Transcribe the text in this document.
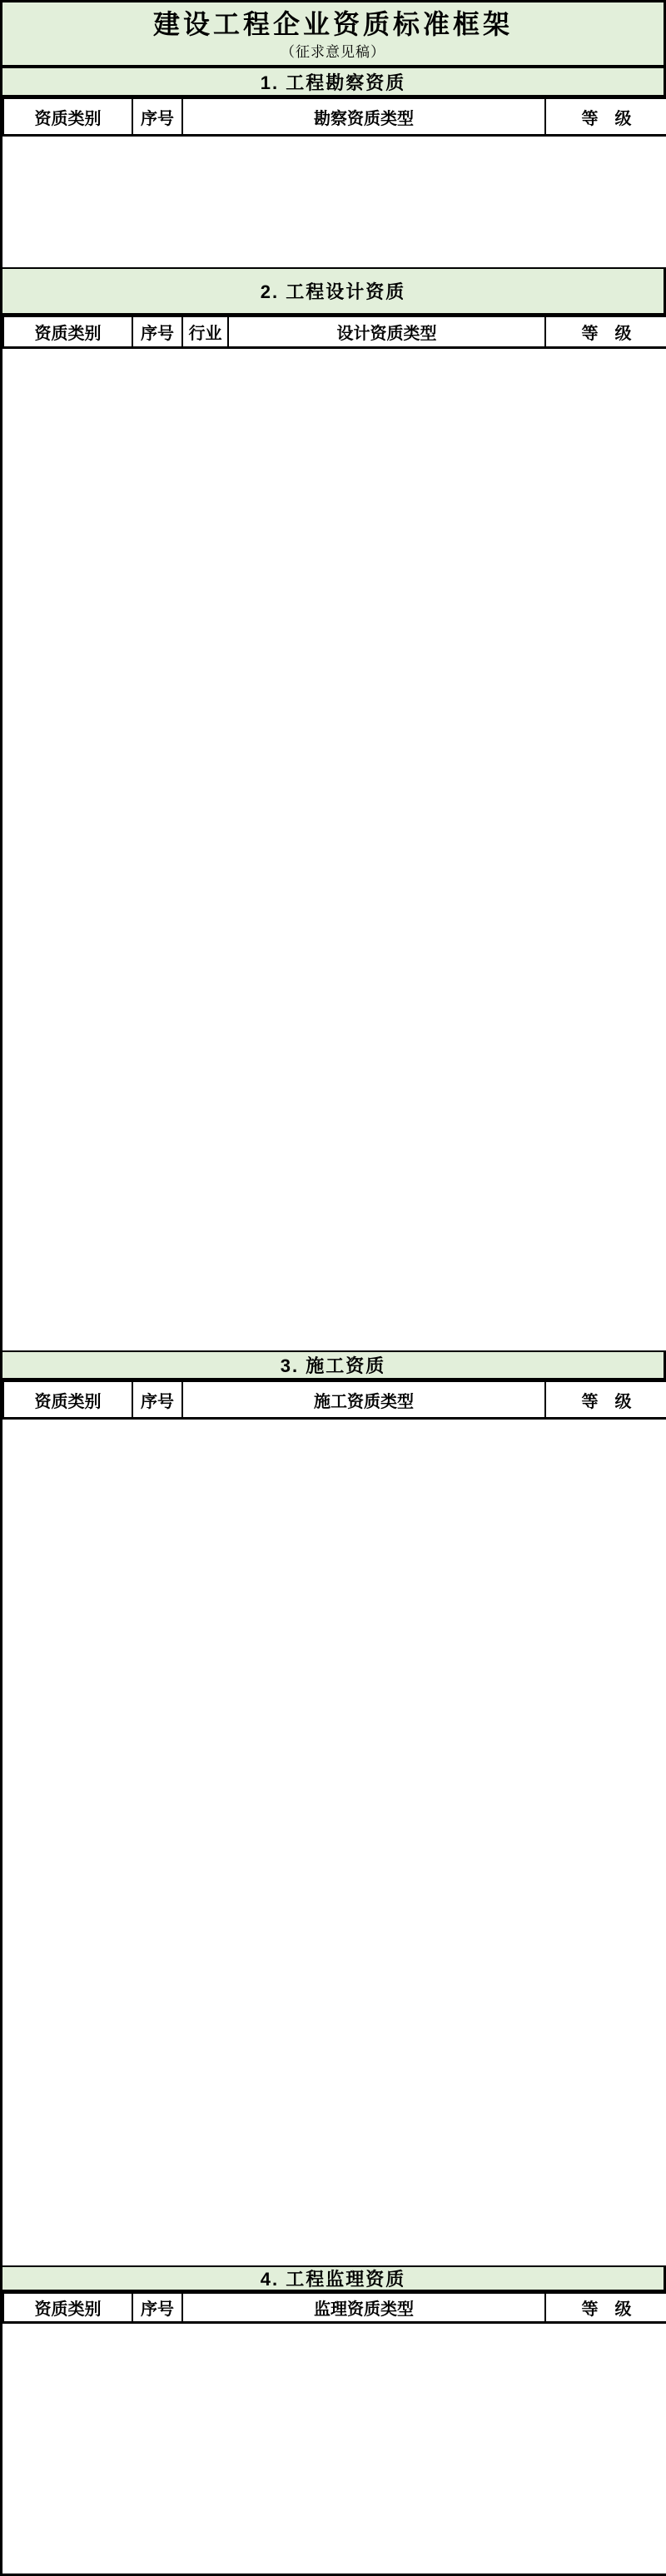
建设工程企业资质标准框架
（征求意见稿）
1. 工程勘察资质
资质类别	序号	勘察资质类型	等　级

2. 工程设计资质
资质类别	序号	行业	设计资质类型	等　级

3. 施工资质
资质类别	序号	施工资质类型	等　级

4. 工程监理资质
资质类别	序号	监理资质类型	等　级
